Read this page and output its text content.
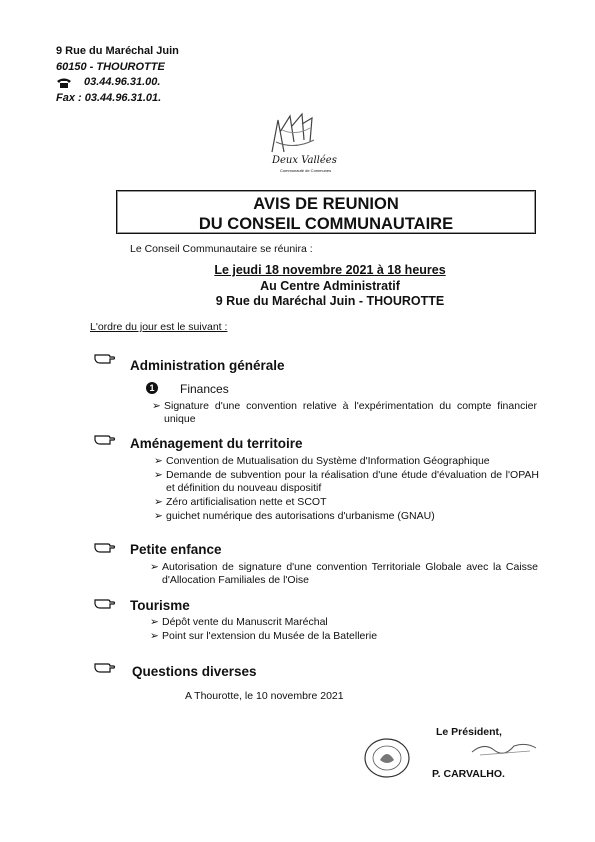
9 Rue du Maréchal Juin
60150 - THOUROTTE
03.44.96.31.00.
Fax : 03.44.96.31.01.
Deux Vallées
Communauté de Communes
AVIS DE REUNION
DU CONSEIL COMMUNAUTAIRE
Le Conseil Communautaire se réunira :
Le jeudi 18 novembre 2021 à 18 heures
Au Centre Administratif
9 Rue du Maréchal Juin - THOUROTTE
L'ordre du jour est le suivant :
Administration générale
1 Finances
➢ Signature d'une convention relative à l'expérimentation du compte financier unique
Aménagement du territoire
➢ Convention de Mutualisation du Système d'Information Géographique
➢ Demande de subvention pour la réalisation d'une étude d'évaluation de l'OPAH et définition du nouveau dispositif
➢ Zéro artificialisation nette et SCOT
➢ guichet numérique des autorisations d'urbanisme (GNAU)
Petite enfance
➢ Autorisation de signature d'une convention Territoriale Globale avec la Caisse d'Allocation Familiales de l'Oise
Tourisme
➢ Dépôt vente du Manuscrit Maréchal
➢ Point sur l'extension du Musée de la Batellerie
Questions diverses
A Thourotte, le 10 novembre 2021
Le Président,
P. CARVALHO.
